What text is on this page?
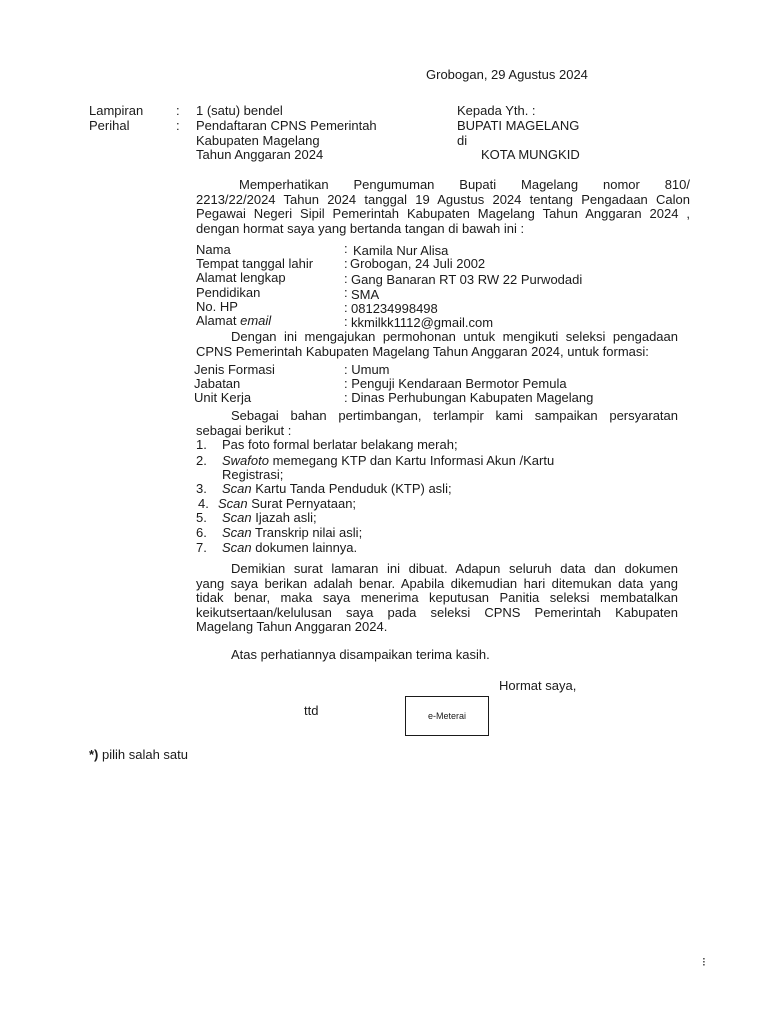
Grobogan, 29 Agustus 2024
Lampiran
Perihal
:
:
1 (satu) bendel
Pendaftaran CPNS Pemerintah
Kabupaten Magelang
Tahun Anggaran 2024
Kepada Yth. :
BUPATI MAGELANG
di
KOTA MUNGKID
Memperhatikan Pengumuman Bupati Magelang nomor 810/
2213/22/2024 Tahun 2024 tanggal 19 Agustus 2024 tentang Pengadaan Calon
Pegawai Negeri Sipil Pemerintah Kabupaten Magelang Tahun Anggaran 2024 ,
dengan hormat saya yang bertanda tangan di bawah ini :
Nama
Tempat tanggal lahir
Alamat lengkap
Pendidikan
No. HP
Alamat email
:
:
:
:
:
:
Kamila Nur Alisa
Grobogan, 24 Juli 2002
Gang Banaran RT 03 RW 22 Purwodadi
SMA
081234998498
kkmilkk1112@gmail.com
Dengan ini mengajukan permohonan untuk mengikuti seleksi pengadaan
CPNS Pemerintah Kabupaten Magelang Tahun Anggaran 2024, untuk formasi:
Jenis Formasi
Jabatan
Unit Kerja
: Umum
: Penguji Kendaraan Bermotor Pemula
: Dinas Perhubungan Kabupaten Magelang
Sebagai bahan pertimbangan, terlampir kami sampaikan persyaratan
sebagai berikut :
1. Pas foto formal berlatar belakang merah;
2. Swafoto memegang KTP dan Kartu Informasi Akun /Kartu
Registrasi;
3. Scan Kartu Tanda Penduduk (KTP) asli;
4. Scan Surat Pernyataan;
5. Scan Ijazah asli;
6. Scan Transkrip nilai asli;
7. Scan dokumen lainnya.
Demikian surat lamaran ini dibuat. Adapun seluruh data dan dokumen
yang saya berikan adalah benar. Apabila dikemudian hari ditemukan data yang
tidak benar, maka saya menerima keputusan Panitia seleksi membatalkan
keikutsertaan/kelulusan saya pada seleksi CPNS Pemerintah Kabupaten
Magelang Tahun Anggaran 2024.
Atas perhatiannya disampaikan terima kasih.
Hormat saya,
ttd	e-Meterai
*) pilih salah satu
⁝
